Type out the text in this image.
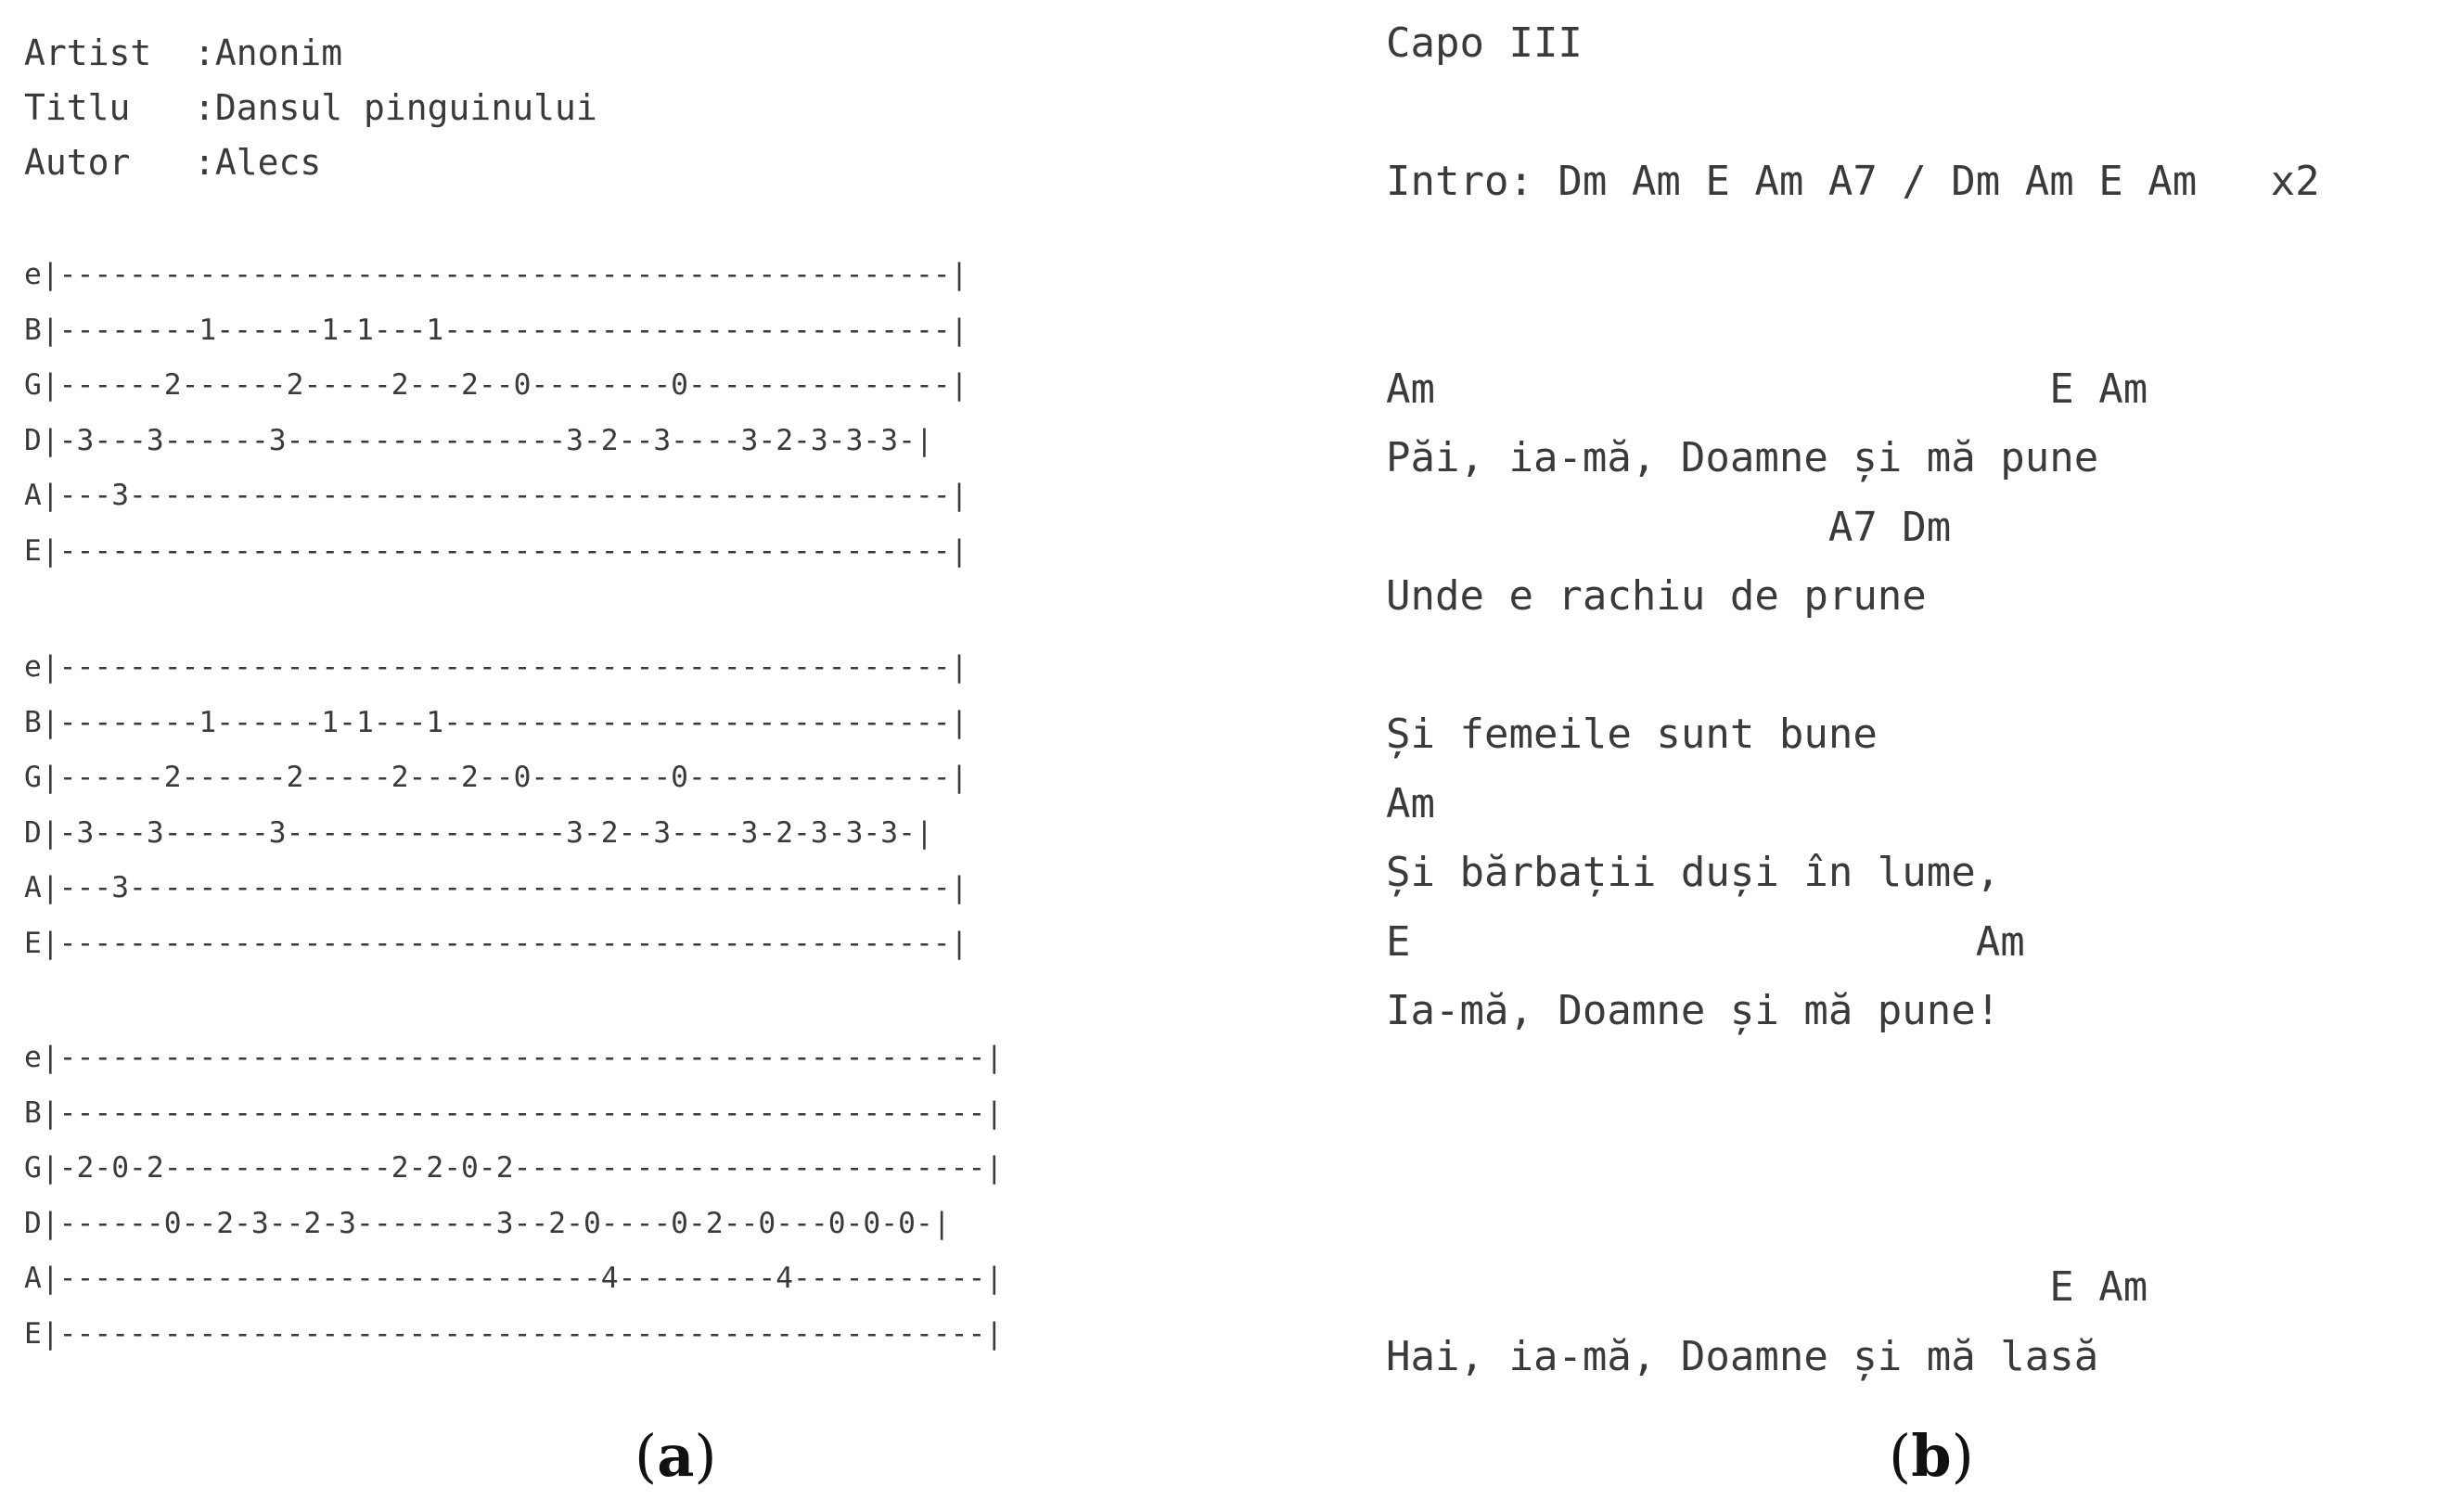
Artist  :Anonim
Titlu   :Dansul pinguinului
Autor   :Alecs
e|---------------------------------------------------|
B|--------1------1-1---1-----------------------------|
G|------2------2-----2---2--0--------0---------------|
D|-3---3------3----------------3-2--3----3-2-3-3-3-|
A|---3-----------------------------------------------|
E|---------------------------------------------------|
e|---------------------------------------------------|
B|--------1------1-1---1-----------------------------|
G|------2------2-----2---2--0--------0---------------|
D|-3---3------3----------------3-2--3----3-2-3-3-3-|
A|---3-----------------------------------------------|
E|---------------------------------------------------|
e|-----------------------------------------------------|
B|-----------------------------------------------------|
G|-2-0-2-------------2-2-0-2---------------------------|
D|------0--2-3--2-3--------3--2-0----0-2--0---0-0-0-|
A|-------------------------------4---------4-----------|
E|-----------------------------------------------------|
Capo III
Intro: Dm Am E Am A7 / Dm Am E Am   x2
Am                         E Am
Păi, ia-mă, Doamne și mă pune
A7 Dm
Unde e rachiu de prune
Și femeile sunt bune
Am
Și bărbații duși în lume,
E                       Am
Ia-mă, Doamne și mă pune!
E Am
Hai, ia-mă, Doamne și mă lasă
(a)	(b)
